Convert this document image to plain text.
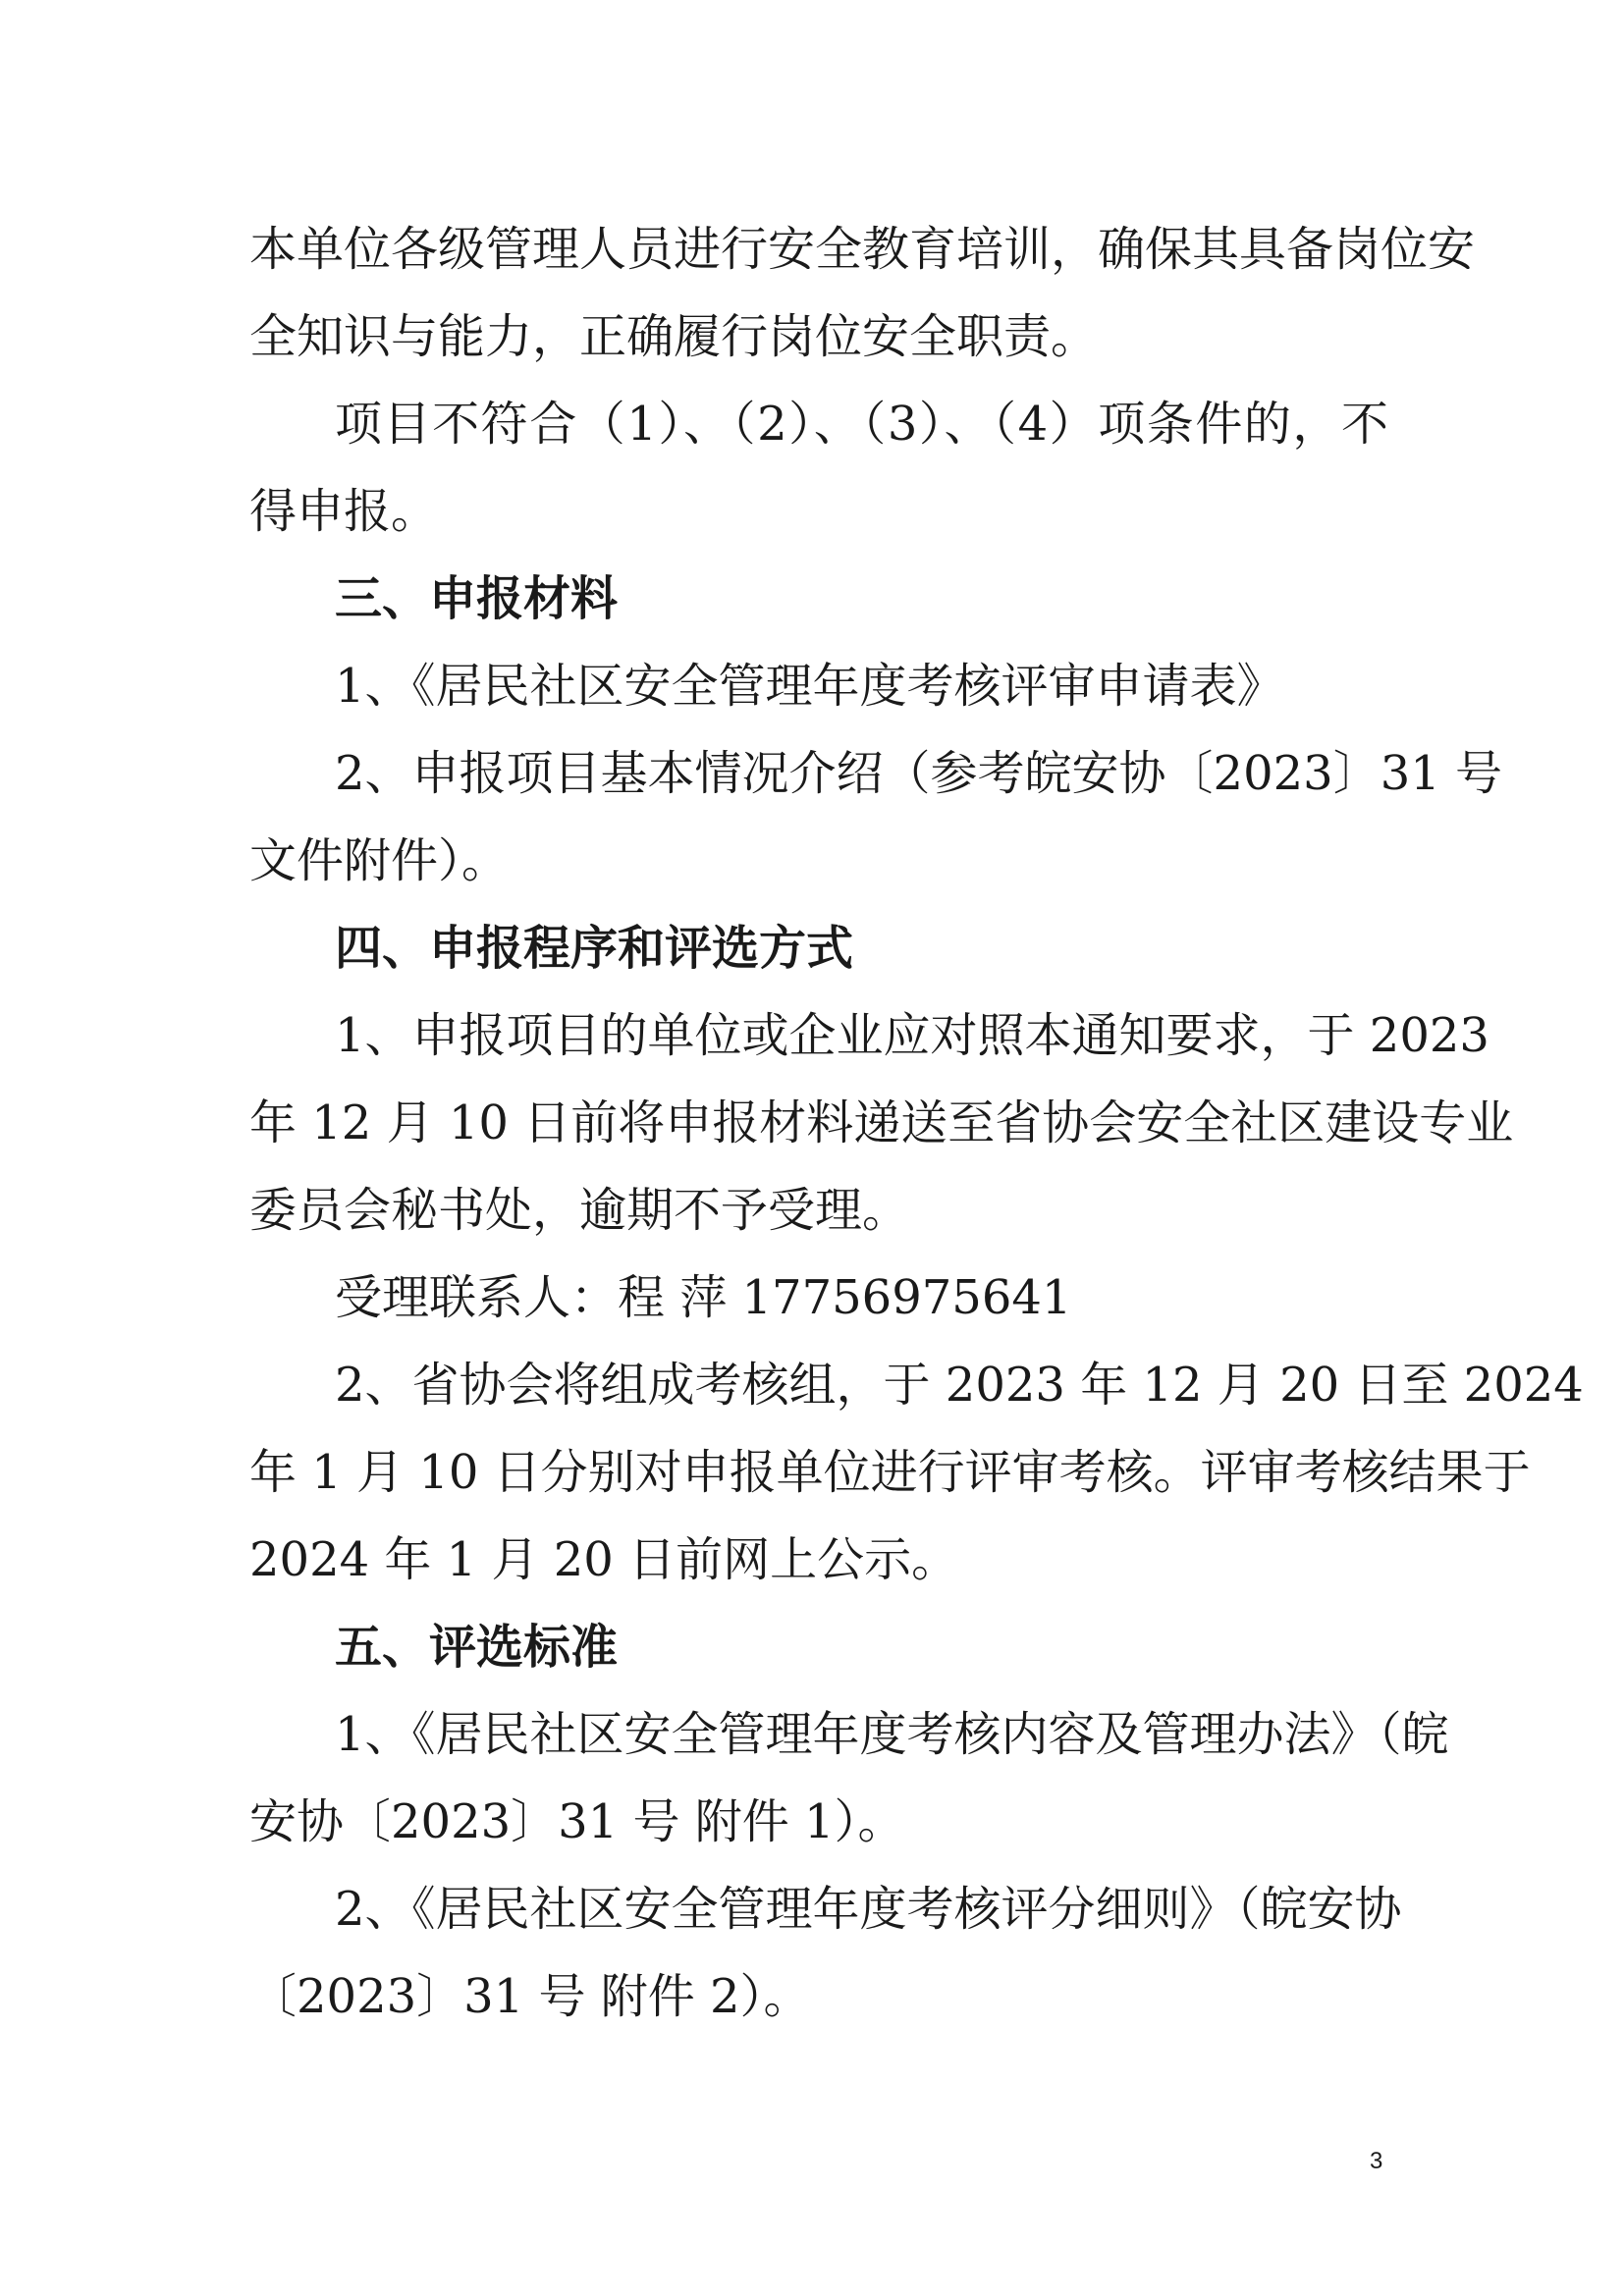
本单位各级管理人员进行安全教育培训，确保其具备岗位安
全知识与能力，正确履行岗位安全职责。
项目不符合（1）、（2）、（3）、（4）项条件的，不
得申报。
三、申报材料
1、《居民社区安全管理年度考核评审申请表》
2、申报项目基本情况介绍（参考皖安协〔2023〕31 号
文件附件）。
四、申报程序和评选方式
1、申报项目的单位或企业应对照本通知要求，于 2023
年 12 月 10 日前将申报材料递送至省协会安全社区建设专业
委员会秘书处，逾期不予受理。
受理联系人：程 萍 17756975641
2、省协会将组成考核组，于 2023 年 12 月 20 日至 2024
年 1 月 10 日分别对申报单位进行评审考核。评审考核结果于
2024 年 1 月 20 日前网上公示。
五、评选标准
1、《居民社区安全管理年度考核内容及管理办法》（皖
安协〔2023〕31 号 附件 1）。
2、《居民社区安全管理年度考核评分细则》（皖安协
〔2023〕31 号 附件 2）。
3
